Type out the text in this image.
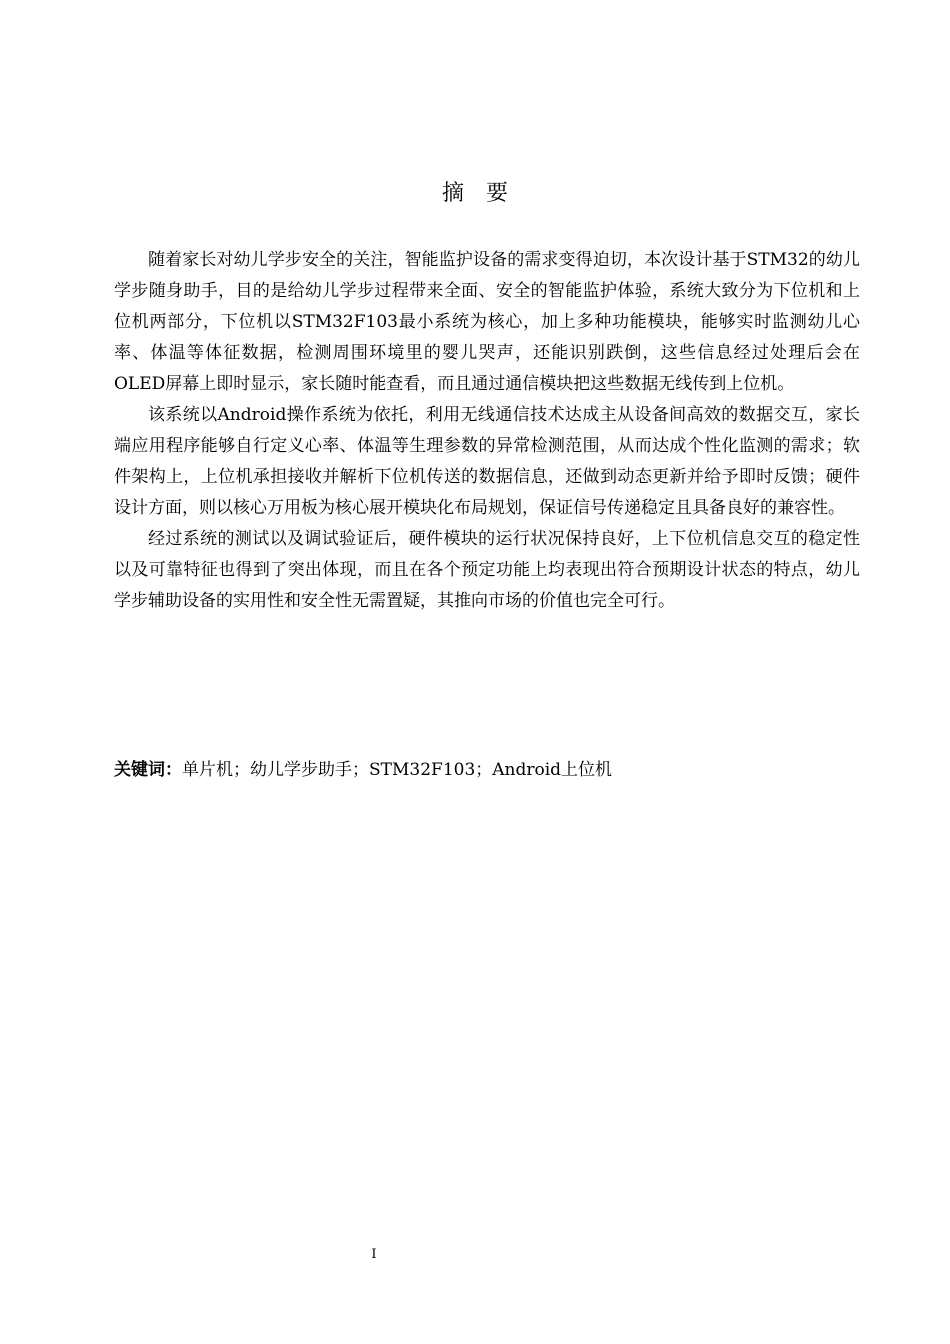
摘　要

随着家长对幼儿学步安全的关注，智能监护设备的需求变得迫切，本次设计基于STM32的幼儿学步随身助手，目的是给幼儿学步过程带来全面、安全的智能监护体验，系统大致分为下位机和上位机两部分，下位机以STM32F103最小系统为核心，加上多种功能模块，能够实时监测幼儿心率、体温等体征数据，检测周围环境里的婴儿哭声，还能识别跌倒，这些信息经过处理后会在OLED屏幕上即时显示，家长随时能查看，而且通过通信模块把这些数据无线传到上位机。

该系统以Android操作系统为依托，利用无线通信技术达成主从设备间高效的数据交互，家长端应用程序能够自行定义心率、体温等生理参数的异常检测范围，从而达成个性化监测的需求；软件架构上，上位机承担接收并解析下位机传送的数据信息，还做到动态更新并给予即时反馈；硬件设计方面，则以核心万用板为核心展开模块化布局规划，保证信号传递稳定且具备良好的兼容性。

经过系统的测试以及调试验证后，硬件模块的运行状况保持良好，上下位机信息交互的稳定性以及可靠特征也得到了突出体现，而且在各个预定功能上均表现出符合预期设计状态的特点，幼儿学步辅助设备的实用性和安全性无需置疑，其推向市场的价值也完全可行。

关键词：单片机；幼儿学步助手；STM32F103；Android上位机
I
